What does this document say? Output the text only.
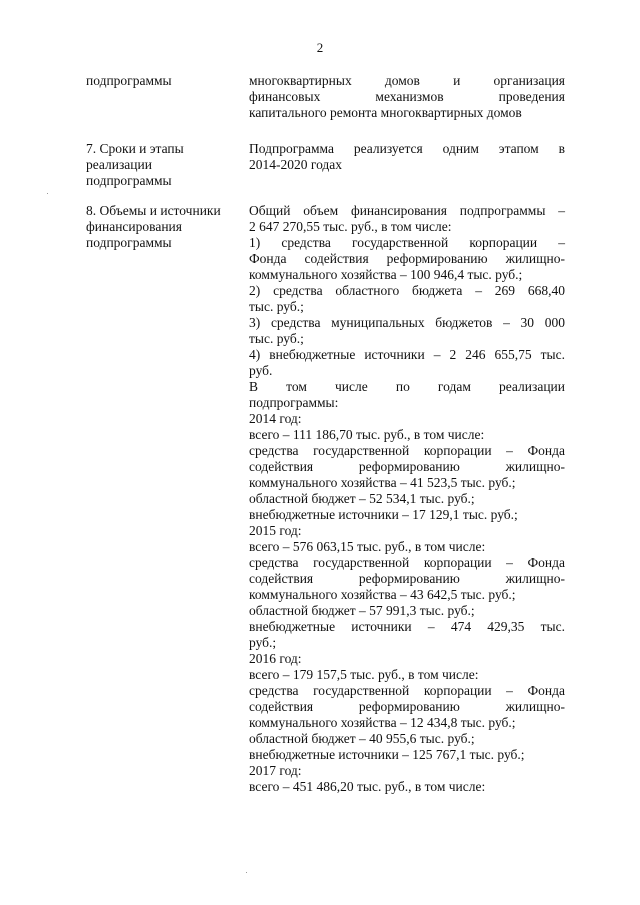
2
подпрограммы	многоквартирных домов и организация
финансовых механизмов проведения
капитального ремонта многоквартирных домов
7. Сроки и этапы
реализации
подпрограммы
Подпрограмма реализуется одним этапом в
2014-2020 годах
8. Объемы и источники
финансирования
подпрограммы
Общий объем финансирования подпрограммы –
2 647 270,55 тыс. руб., в том числе:
1) средства государственной корпорации –
Фонда содействия реформированию жилищно-
коммунального хозяйства – 100 946,4 тыс. руб.;
2) средства областного бюджета – 269 668,40
тыс. руб.;
3) средства муниципальных бюджетов – 30 000
тыс. руб.;
4) внебюджетные источники – 2 246 655,75 тыс.
руб.
В том числе по годам реализации
подпрограммы:
2014 год:
всего – 111 186,70 тыс. руб., в том числе:
средства государственной корпорации – Фонда
содействия реформированию жилищно-
коммунального хозяйства – 41 523,5 тыс. руб.;
областной бюджет – 52 534,1 тыс. руб.;
внебюджетные источники – 17 129,1 тыс. руб.;
2015 год:
всего – 576 063,15 тыс. руб., в том числе:
средства государственной корпорации – Фонда
содействия реформированию жилищно-
коммунального хозяйства – 43 642,5 тыс. руб.;
областной бюджет – 57 991,3 тыс. руб.;
внебюджетные источники – 474 429,35 тыс.
руб.;
2016 год:
всего – 179 157,5 тыс. руб., в том числе:
средства государственной корпорации – Фонда
содействия реформированию жилищно-
коммунального хозяйства – 12 434,8 тыс. руб.;
областной бюджет – 40 955,6 тыс. руб.;
внебюджетные источники – 125 767,1 тыс. руб.;
2017 год:
всего – 451 486,20 тыс. руб., в том числе:
